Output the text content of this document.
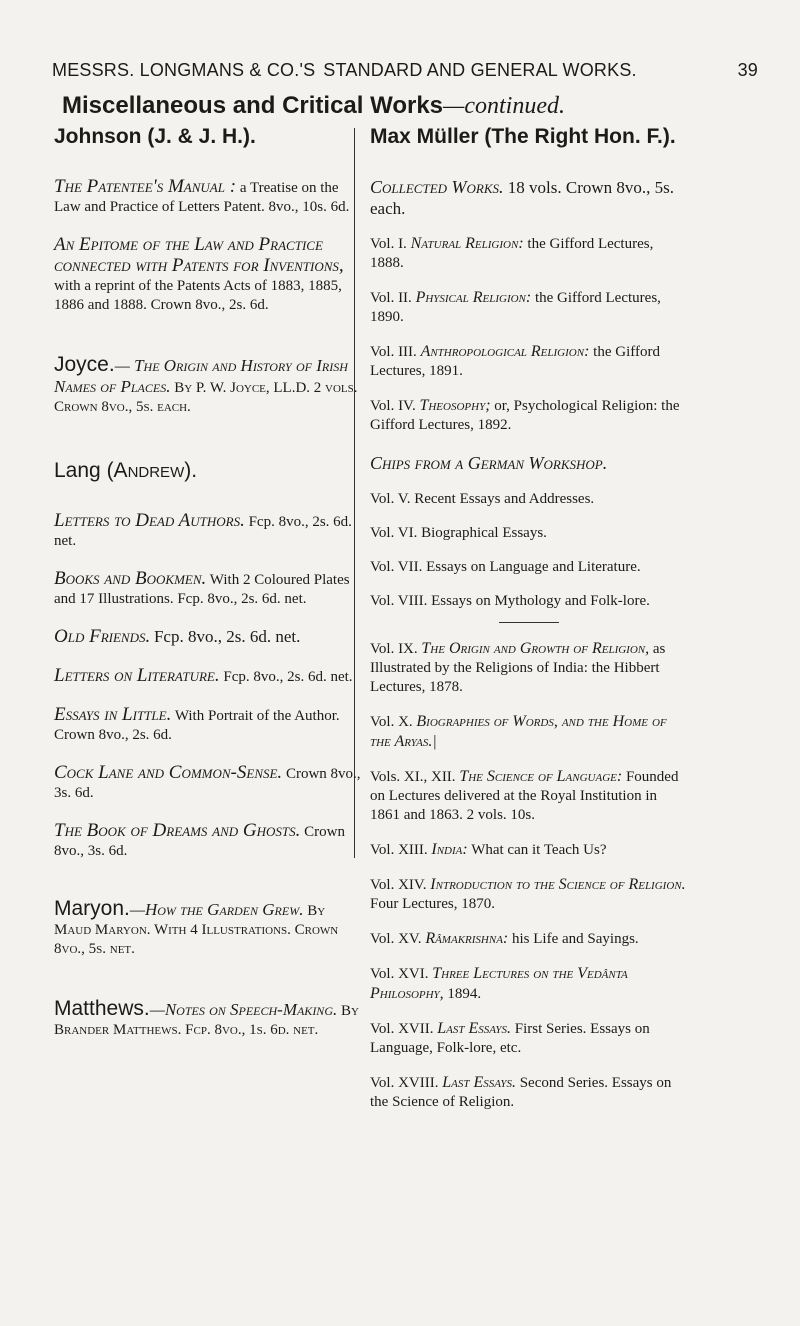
MESSRS. LONGMANS & CO.'S STANDARD AND GENERAL WORKS.	39
Miscellaneous and Critical Works—continued.
Johnson (J. & J. H.).
The Patentee's Manual : a Treatise on the Law and Practice of Letters Patent. 8vo., 10s. 6d.
An Epitome of the Law and Practice connected with Patents for Inventions, with a reprint of the Patents Acts of 1883, 1885, 1886 and 1888. Crown 8vo., 2s. 6d.
Joyce.— The Origin and History of Irish Names of Places. By P. W. Joyce, LL.D. 2 vols. Crown 8vo., 5s. each.
Lang (Andrew).
Letters to Dead Authors. Fcp. 8vo., 2s. 6d. net.
Books and Bookmen. With 2 Coloured Plates and 17 Illustrations. Fcp. 8vo., 2s. 6d. net.
Old Friends. Fcp. 8vo., 2s. 6d. net.
Letters on Literature. Fcp. 8vo., 2s. 6d. net.
Essays in Little. With Portrait of the Author. Crown 8vo., 2s. 6d.
Cock Lane and Common-Sense. Crown 8vo., 3s. 6d.
The Book of Dreams and Ghosts. Crown 8vo., 3s. 6d.
Maryon.—How the Garden Grew. By Maud Maryon. With 4 Illustrations. Crown 8vo., 5s. net.
Matthews.—Notes on Speech-Making. By Brander Matthews. Fcp. 8vo., 1s. 6d. net.
Max Müller (The Right Hon. F.).
Collected Works. 18 vols. Crown 8vo., 5s. each.
Vol. I. Natural Religion: the Gifford Lectures, 1888.
Vol. II. Physical Religion: the Gifford Lectures, 1890.
Vol. III. Anthropological Religion: the Gifford Lectures, 1891.
Vol. IV. Theosophy; or, Psychological Religion: the Gifford Lectures, 1892.
Chips from a German Workshop.
Vol. V. Recent Essays and Addresses.
Vol. VI. Biographical Essays.
Vol. VII. Essays on Language and Literature.
Vol. VIII. Essays on Mythology and Folk-lore.
Vol. IX. The Origin and Growth of Religion, as Illustrated by the Religions of India: the Hibbert Lectures, 1878.
Vol. X. Biographies of Words, and the Home of the Aryas.|
Vols. XI., XII. The Science of Language: Founded on Lectures delivered at the Royal Institution in 1861 and 1863. 2 vols. 10s.
Vol. XIII. India: What can it Teach Us?
Vol. XIV. Introduction to the Science of Religion. Four Lectures, 1870.
Vol. XV. Râmakrishna: his Life and Sayings.
Vol. XVI. Three Lectures on the Vedânta Philosophy, 1894.
Vol. XVII. Last Essays. First Series. Essays on Language, Folk-lore, etc.
Vol. XVIII. Last Essays. Second Series. Essays on the Science of Religion.
